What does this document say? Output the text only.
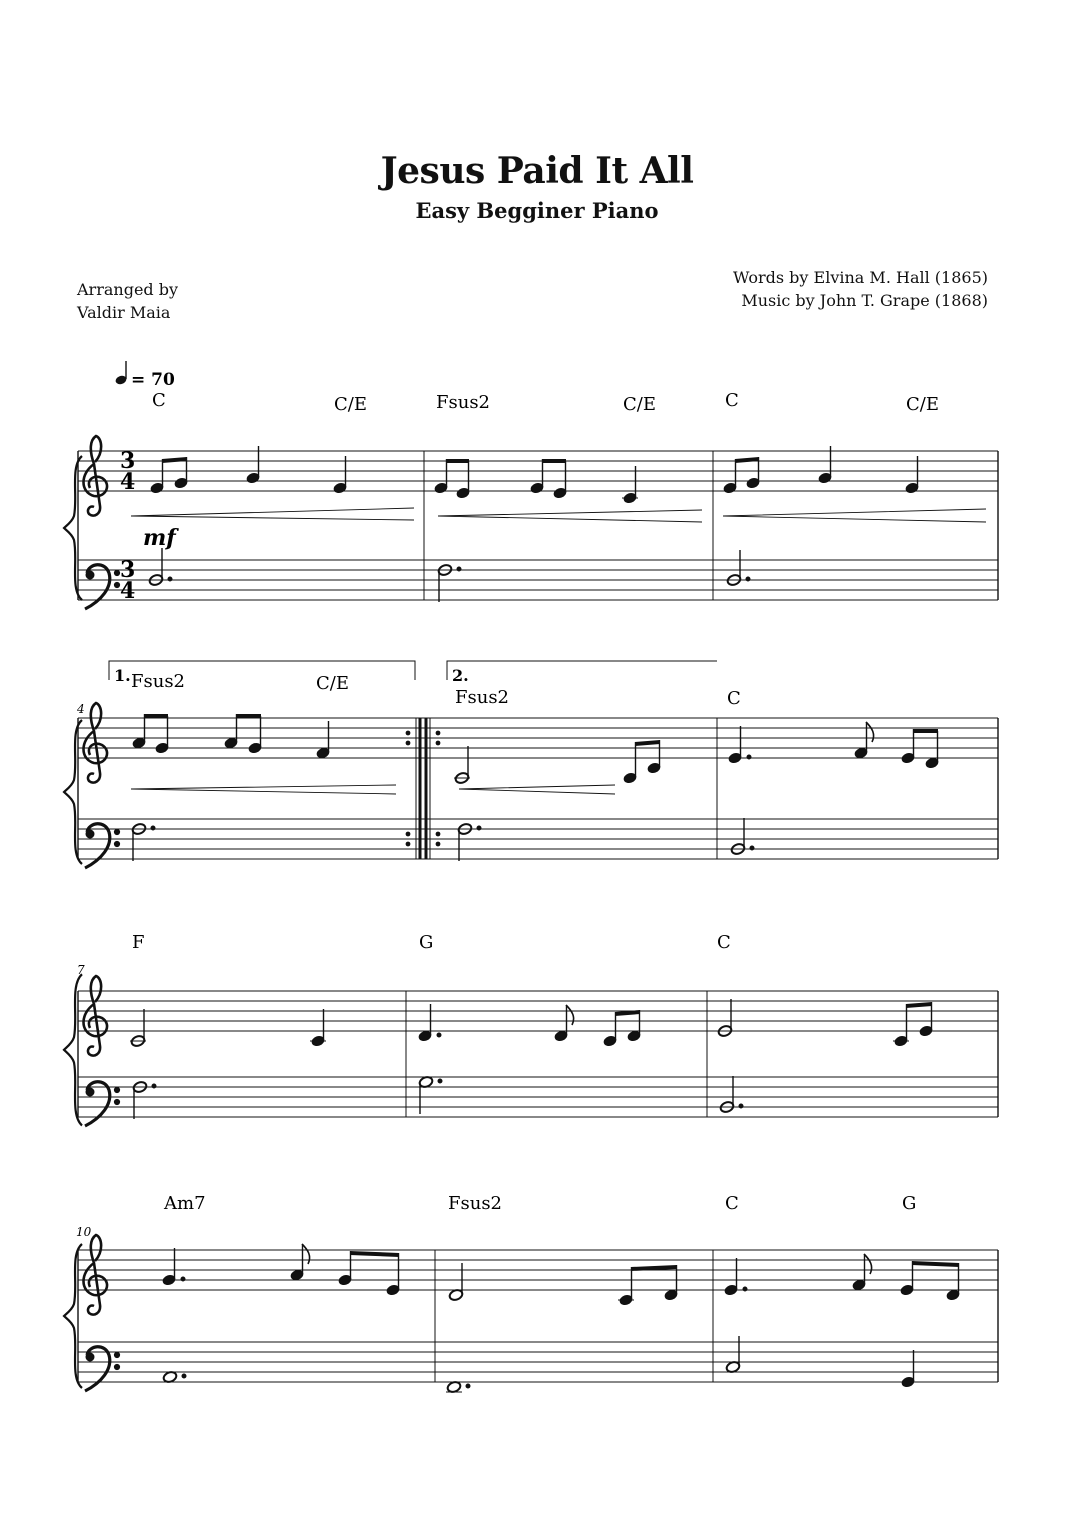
Jesus Paid It All
Easy Begginer Piano
Arranged by
Valdir Maia
Words by Elvina M. Hall (1865)
Music by John T. Grape (1868)
= 70
3
4
3
4
mf
C	C/E	Fsus2	C/E	C	C/E
4
1.	2.
Fsus2	C/E
Fsus2	C
7
F	G	C
10
Am7	Fsus2	C	G
